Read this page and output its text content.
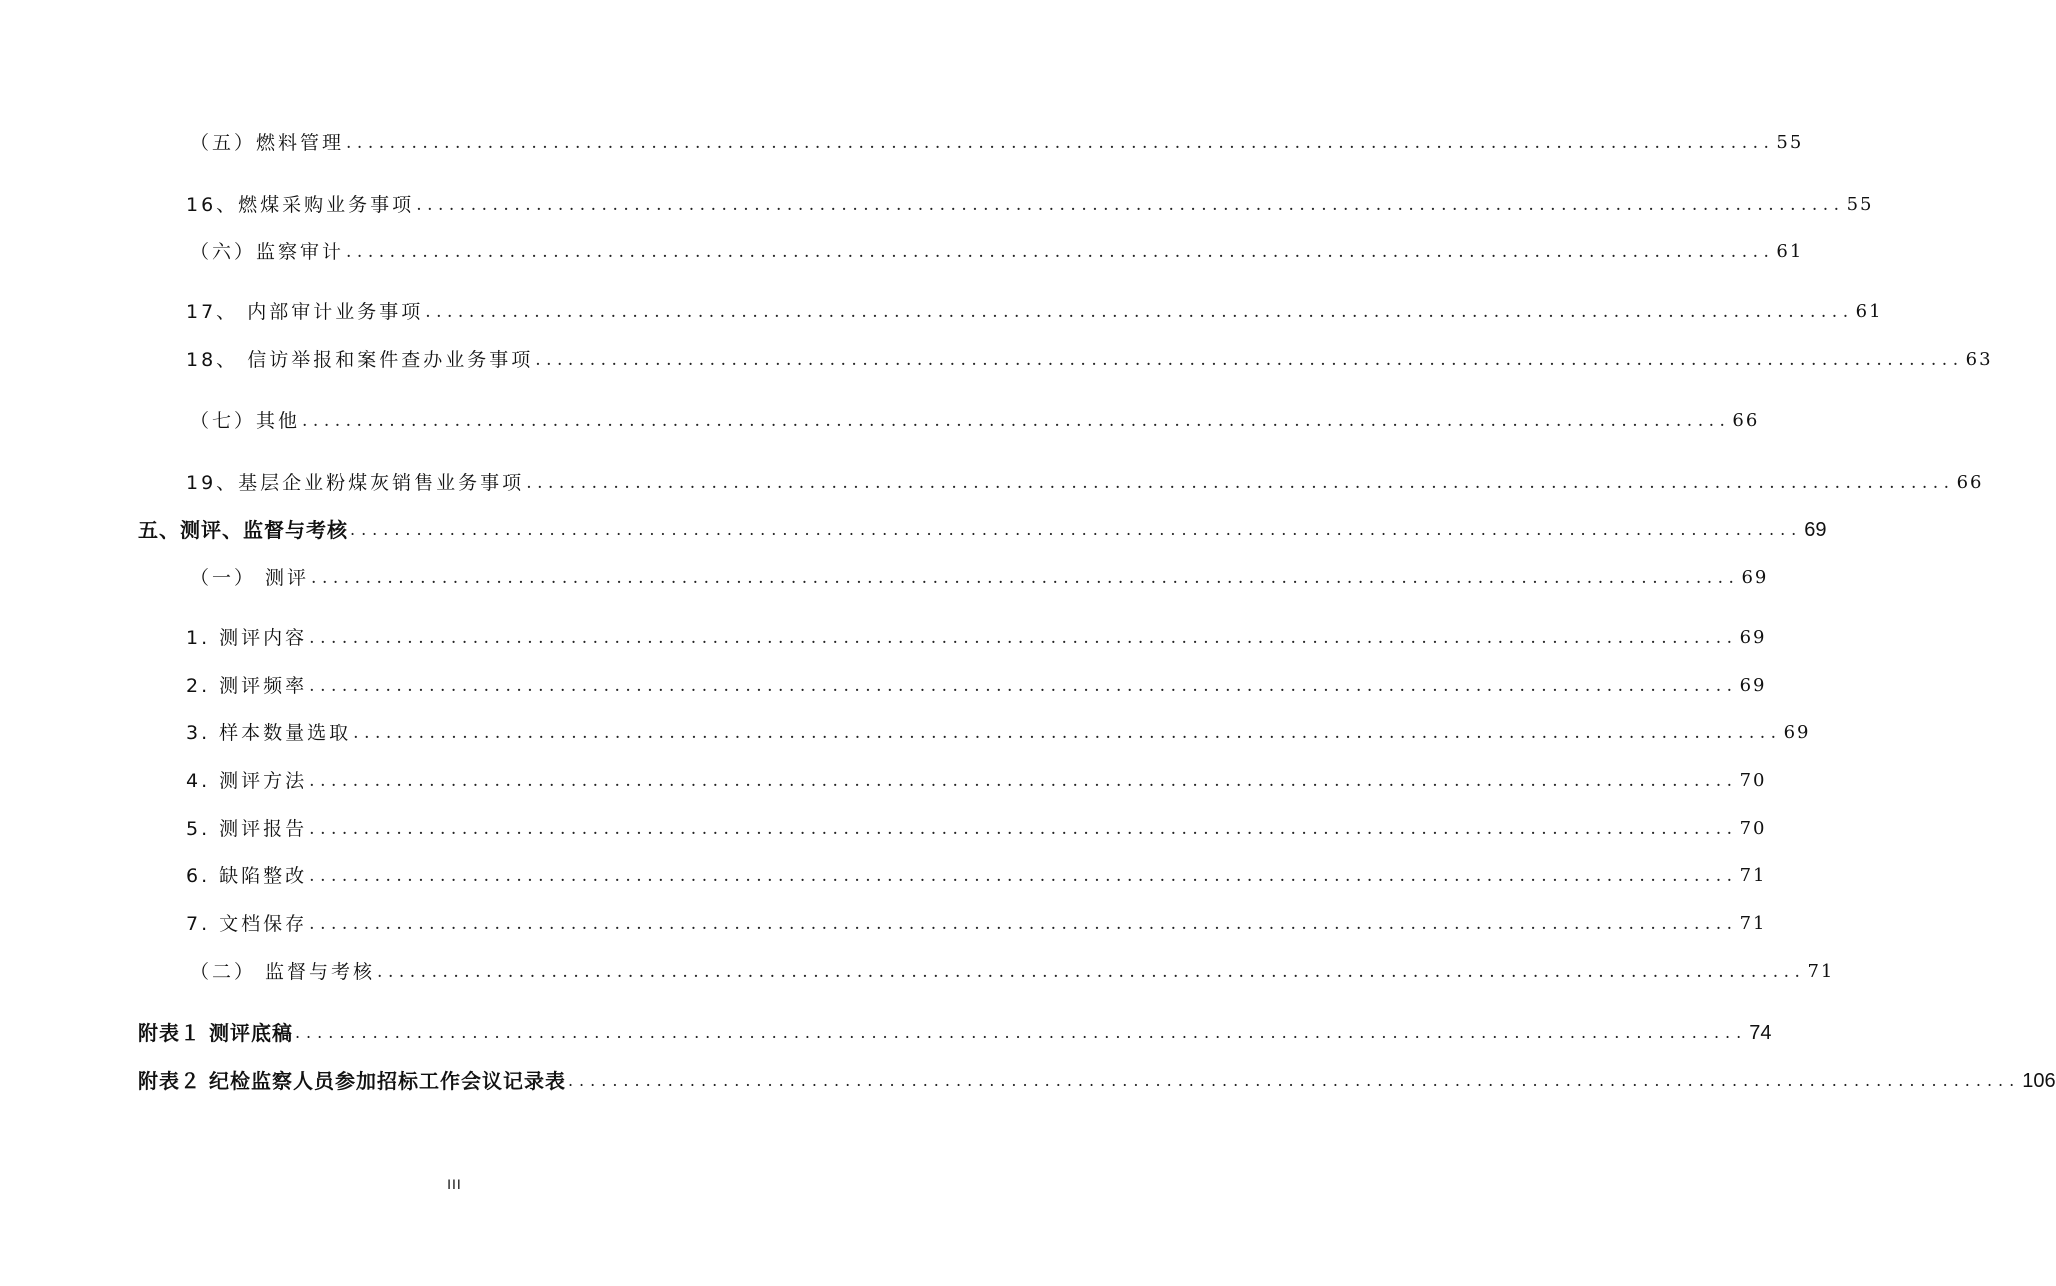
（五）燃料管理 ................................................................................................................................... 55
16、燃煤采购业务事项 ................................................................................................................................... 55
（六）监察审计 ................................................................................................................................... 61
17、 内部审计业务事项 ................................................................................................................................... 61
18、 信访举报和案件查办业务事项 ................................................................................................................................... 63
（七）其他 ................................................................................................................................... 66
19、基层企业粉煤灰销售业务事项 ................................................................................................................................... 66
五、测评、监督与考核 ................................................................................................................................... 69
（一） 测评 ................................................................................................................................... 69
1. 测评内容 ................................................................................................................................... 69
2. 测评频率 ................................................................................................................................... 69
3. 样本数量选取 ................................................................................................................................... 69
4. 测评方法 ................................................................................................................................... 70
5. 测评报告 ................................................................................................................................... 70
6. 缺陷整改 ................................................................................................................................... 71
7. 文档保存 ................................................................................................................................... 71
（二） 监督与考核 ................................................................................................................................... 71
附表１ 测评底稿 ................................................................................................................................... 74
附表２ 纪检监察人员参加招标工作会议记录表 ................................................................................................................................... 106
III
